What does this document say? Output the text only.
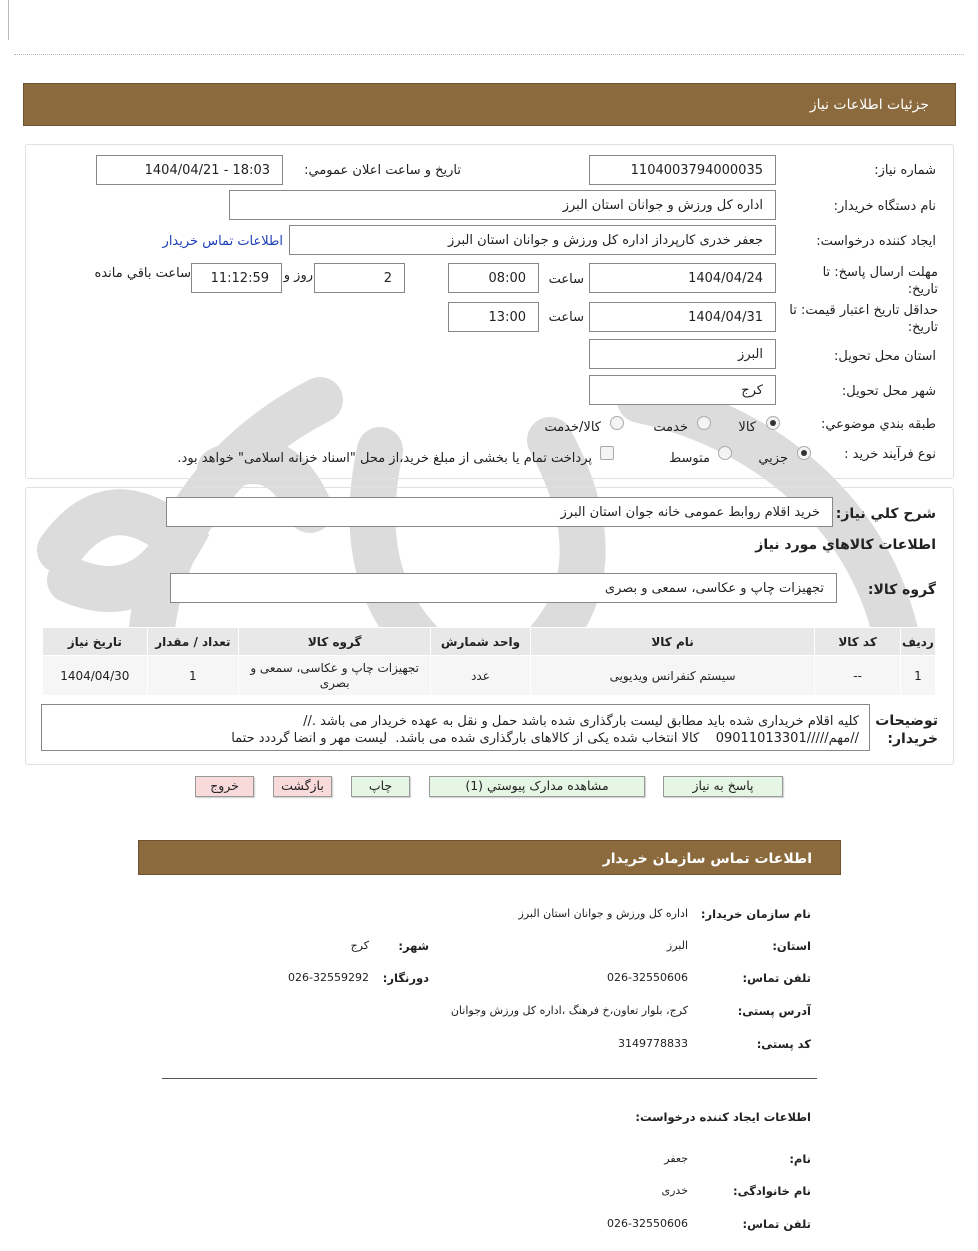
جزئيات اطلاعات نياز
شماره نياز:
1104003794000035
تاريخ و ساعت اعلان عمومي:
1404/04/21 - 18:03
نام دستگاه خريدار:
اداره کل ورزش و جوانان استان البرز
ايجاد کننده درخواست:
جعفر خدری کارپرداز اداره کل ورزش و جوانان استان البرز
اطلاعات تماس خريدار
مهلت ارسال پاسخ: تا تاريخ:
1404/04/24
ساعت
08:00
2
روز و
11:12:59
ساعت باقي مانده
حداقل تاريخ اعتبار قيمت: تا تاريخ:
1404/04/31
ساعت
13:00
استان محل تحويل:
البرز
شهر محل تحويل:
کرج
طبقه بندي موضوعي:
کالا
خدمت
کالا/خدمت
نوع فرآيند خريد :
جزيي
متوسط
پرداخت تمام يا بخشی از مبلغ خريد،از محل "اسناد خزانه اسلامی" خواهد بود.
شرح کلي نياز:
خريد اقلام روابط عمومی خانه جوان استان البرز
اطلاعات کالاهاي مورد نياز
گروه کالا:
تجهيزات چاپ و عکاسی، سمعی و بصری
رديف	کد کالا	نام کالا	واحد شمارش	گروه کالا	تعداد / مقدار	تاريخ نياز
1	--	سيستم کنفرانس ويديويی	عدد	تجهيزات چاپ و عکاسی، سمعی و بصری	1	1404/04/30
توضيحات
خريدار:
کليه اقلام خريداری شده بايد مطابق ليست بارگذاری شده باشد حمل و نقل به عهده خريدار می باشد .//
//مهم/////09011013301    کالا انتخاب شده يکی از کالاهای بارگذاری شده می باشد.  ليست مهر و انضا گرددد حتما
پاسخ به نياز
مشاهده مدارک پيوستي (1)
چاپ
بازگشت
خروج
اطلاعات تماس سازمان خريدار
نام سازمان خريدار:
اداره کل ورزش و جوانان استان البرز
استان:
البرز
شهر:
کرج
تلفن تماس:
026-32550606
دورنگار:
026-32559292
آدرس پستی:
کرج، بلوار تعاون،خ فرهنگ ،اداره کل ورزش وجوانان
کد پستی:
3149778833
اطلاعات ايجاد کننده درخواست:
نام:
جعفر
نام خانوادگی:
خدری
تلفن تماس:
026-32550606
